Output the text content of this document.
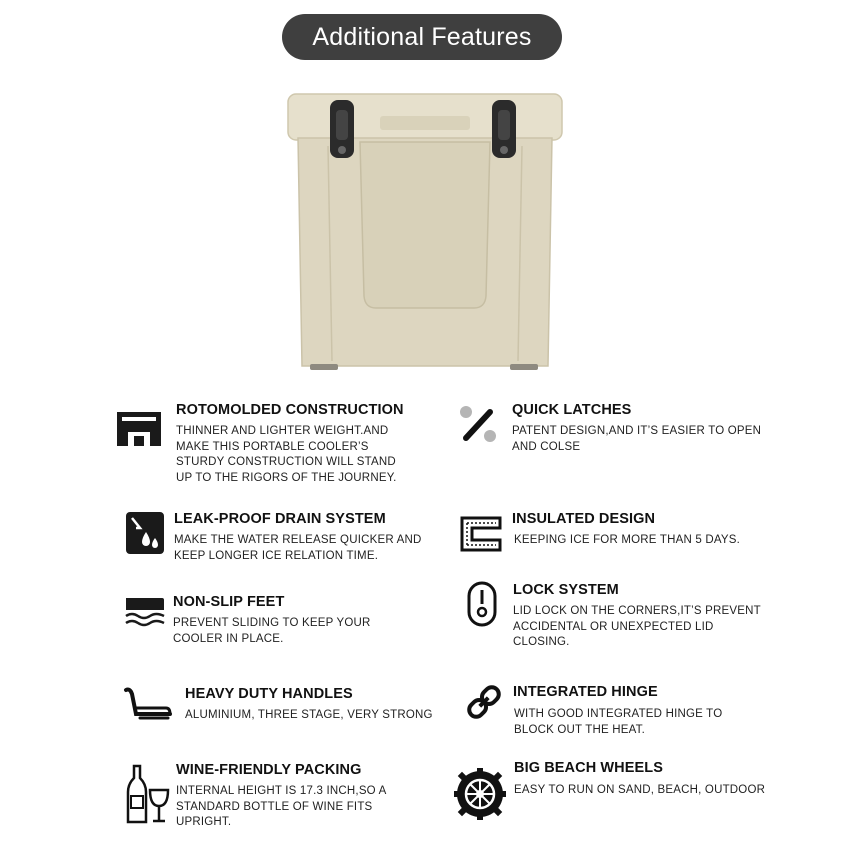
Additional Features
ROTOMOLDED CONSTRUCTION
THINNER AND LIGHTER WEIGHT.AND MAKE THIS PORTABLE COOLER’S STURDY CONSTRUCTION WILL STAND UP TO THE RIGORS OF THE JOURNEY.
QUICK LATCHES
PATENT DESIGN,AND IT’S EASIER TO OPEN AND COLSE
LEAK-PROOF DRAIN SYSTEM
MAKE THE WATER RELEASE QUICKER AND KEEP LONGER ICE RELATION TIME.
INSULATED DESIGN
KEEPING ICE FOR MORE THAN 5 DAYS.
NON-SLIP FEET
PREVENT SLIDING TO KEEP YOUR COOLER IN PLACE.
LOCK SYSTEM
LID LOCK ON THE CORNERS,IT’S PREVENT ACCIDENTAL OR UNEXPECTED LID CLOSING.
HEAVY DUTY HANDLES
ALUMINIUM, THREE STAGE, VERY STRONG
INTEGRATED HINGE
WITH GOOD INTEGRATED HINGE TO BLOCK OUT THE HEAT.
WINE-FRIENDLY PACKING
INTERNAL HEIGHT IS 17.3 INCH,SO A STANDARD BOTTLE OF WINE FITS UPRIGHT.
BIG BEACH WHEELS
EASY TO RUN ON SAND, BEACH, OUTDOOR
